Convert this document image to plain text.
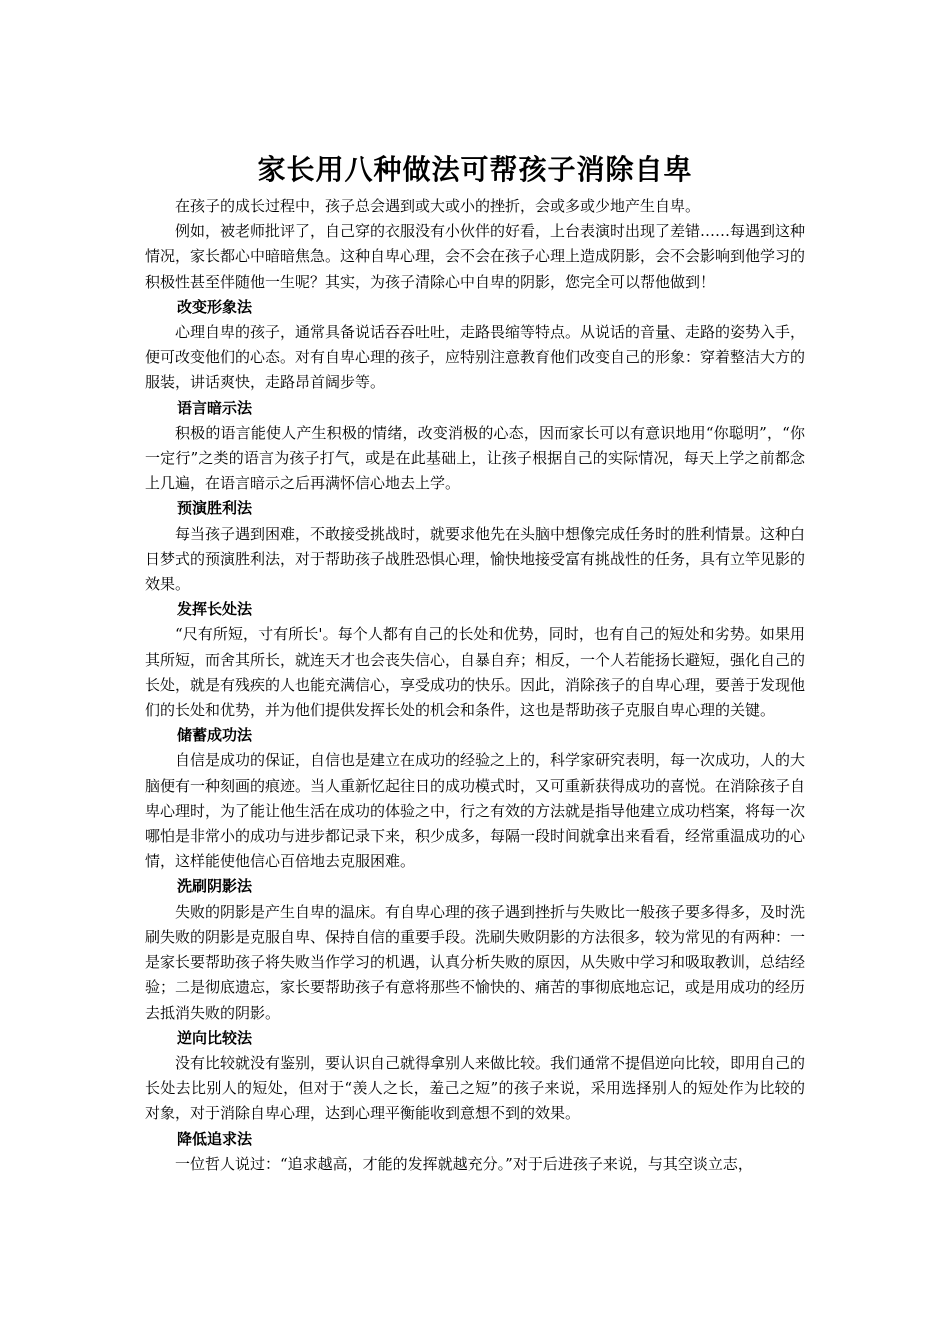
家长用八种做法可帮孩子消除自卑

在孩子的成长过程中，孩子总会遇到或大或小的挫折，会或多或少地产生自卑。

例如，被老师批评了，自己穿的衣服没有小伙伴的好看，上台表演时出现了差错……每遇到这种情况，家长都心中暗暗焦急。这种自卑心理，会不会在孩子心理上造成阴影，会不会影响到他学习的积极性甚至伴随他一生呢？其实，为孩子清除心中自卑的阴影，您完全可以帮他做到！

改变形象法

心理自卑的孩子，通常具备说话吞吞吐吐，走路畏缩等特点。从说话的音量、走路的姿势入手，便可改变他们的心态。对有自卑心理的孩子，应特别注意教育他们改变自己的形象：穿着整洁大方的服装，讲话爽快，走路昂首阔步等。

语言暗示法

积极的语言能使人产生积极的情绪，改变消极的心态，因而家长可以有意识地用“你聪明”，“你一定行”之类的语言为孩子打气，或是在此基础上，让孩子根据自己的实际情况，每天上学之前都念上几遍，在语言暗示之后再满怀信心地去上学。

预演胜利法

每当孩子遇到困难，不敢接受挑战时，就要求他先在头脑中想像完成任务时的胜利情景。这种白日梦式的预演胜利法，对于帮助孩子战胜恐惧心理，愉快地接受富有挑战性的任务，具有立竿见影的效果。

发挥长处法

“尺有所短，寸有所长'。每个人都有自己的长处和优势，同时，也有自己的短处和劣势。如果用其所短，而舍其所长，就连天才也会丧失信心，自暴自弃；相反，一个人若能扬长避短，强化自己的长处，就是有残疾的人也能充满信心，享受成功的快乐。因此，消除孩子的自卑心理，要善于发现他们的长处和优势，并为他们提供发挥长处的机会和条件，这也是帮助孩子克服自卑心理的关键。

储蓄成功法

自信是成功的保证，自信也是建立在成功的经验之上的，科学家研究表明，每一次成功，人的大脑便有一种刻画的痕迹。当人重新忆起往日的成功模式时，又可重新获得成功的喜悦。在消除孩子自卑心理时，为了能让他生活在成功的体验之中，行之有效的方法就是指导他建立成功档案，将每一次哪怕是非常小的成功与进步都记录下来，积少成多，每隔一段时间就拿出来看看，经常重温成功的心情，这样能使他信心百倍地去克服困难。

洗刷阴影法

失败的阴影是产生自卑的温床。有自卑心理的孩子遇到挫折与失败比一般孩子要多得多，及时洗刷失败的阴影是克服自卑、保持自信的重要手段。洗刷失败阴影的方法很多，较为常见的有两种：一是家长要帮助孩子将失败当作学习的机遇，认真分析失败的原因，从失败中学习和吸取教训，总结经验；二是彻底遗忘，家长要帮助孩子有意将那些不愉快的、痛苦的事彻底地忘记，或是用成功的经历去抵消失败的阴影。

逆向比较法

没有比较就没有鉴别，要认识自己就得拿别人来做比较。我们通常不提倡逆向比较，即用自己的长处去比别人的短处，但对于“羡人之长，羞己之短”的孩子来说，采用选择别人的短处作为比较的对象，对于消除自卑心理，达到心理平衡能收到意想不到的效果。

降低追求法

一位哲人说过：“追求越高，才能的发挥就越充分。”对于后进孩子来说，与其空谈立志，
